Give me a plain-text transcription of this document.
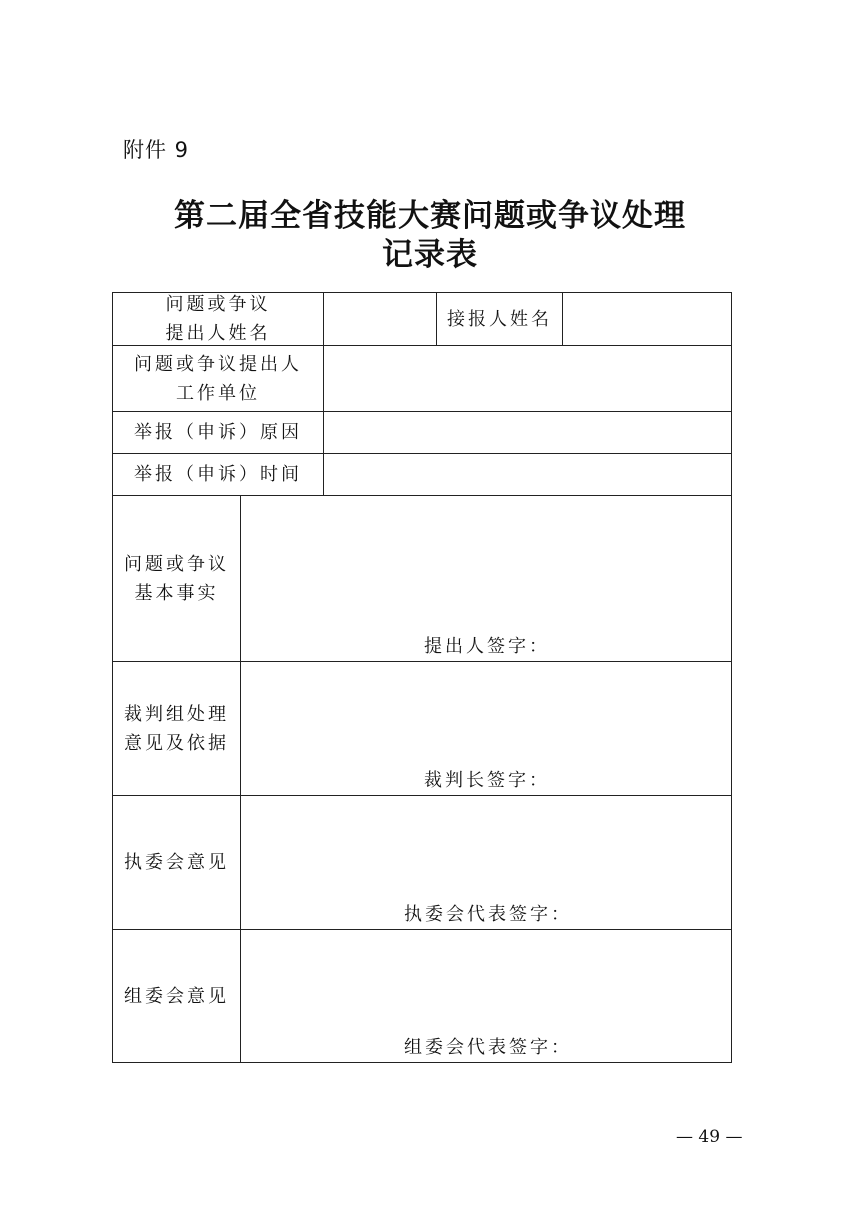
附件 9
第二届全省技能大赛问题或争议处理
记录表
问题或争议
提出人姓名
接报人姓名
问题或争议提出人
工作单位
举报（申诉）原因
举报（申诉）时间
问题或争议
基本事实
提出人签字：
裁判组处理
意见及依据
裁判长签字：
执委会意见
执委会代表签字：
组委会意见
组委会代表签字：
— 49 —
